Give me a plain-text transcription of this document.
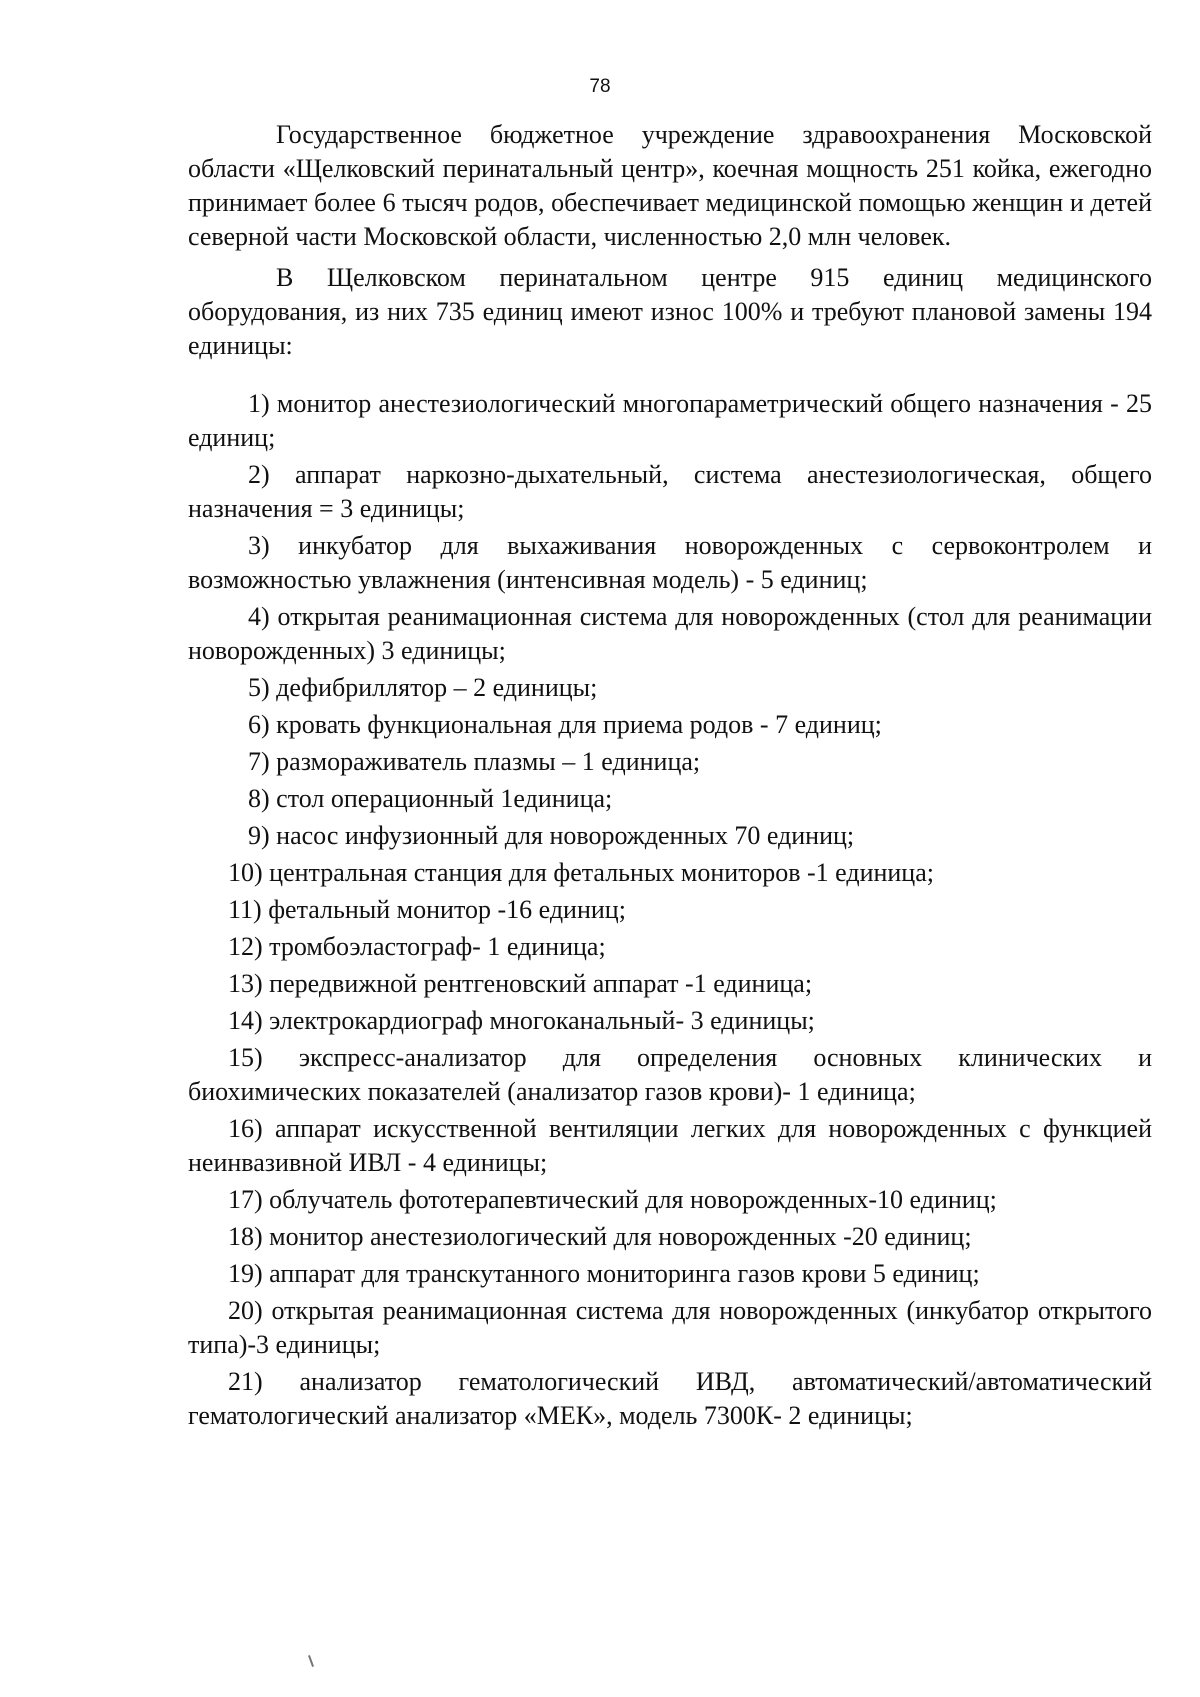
78

Государственное бюджетное учреждение здравоохранения Московской области «Щелковский перинатальный центр», коечная мощность 251 койка, ежегодно принимает более 6 тысяч родов, обеспечивает медицинской помощью женщин и детей северной части Московской области, численностью 2,0 млн человек.

В Щелковском перинатальном центре 915 единиц медицинского оборудования, из них 735 единиц имеют износ 100% и требуют плановой замены 194 единицы:

1) монитор анестезиологический многопараметрический общего назначения - 25 единиц;

2) аппарат наркозно-дыхательный, система анестезиологическая, общего назначения = 3 единицы;

3) инкубатор для выхаживания новорожденных с сервоконтролем и возможностью увлажнения (интенсивная модель) - 5 единиц;

4) открытая реанимационная система для новорожденных (стол для реанимации новорожденных) 3 единицы;

5) дефибриллятор – 2 единицы;

6) кровать функциональная для приема родов - 7 единиц;

7) размораживатель плазмы – 1 единица;

8) стол операционный 1единица;

9) насос инфузионный для новорожденных 70 единиц;

10) центральная станция для фетальных мониторов -1 единица;

11) фетальный монитор -16 единиц;

12) тромбоэластограф- 1 единица;

13) передвижной рентгеновский аппарат -1 единица;

14) электрокардиограф многоканальный- 3 единицы;

15) экспресс-анализатор для определения основных клинических и биохимических показателей (анализатор газов крови)- 1 единица;

16) аппарат искусственной вентиляции легких для новорожденных с функцией неинвазивной ИВЛ - 4 единицы;

17) облучатель фототерапевтический для новорожденных-10 единиц;

18) монитор анестезиологический для новорожденных -20 единиц;

19) аппарат для транскутанного мониторинга газов крови 5 единиц;

20) открытая реанимационная система для новорожденных (инкубатор открытого типа)-3 единицы;

21) анализатор гематологический ИВД, автоматический/автоматический гематологический анализатор «МЕК», модель 7300К- 2 единицы;
